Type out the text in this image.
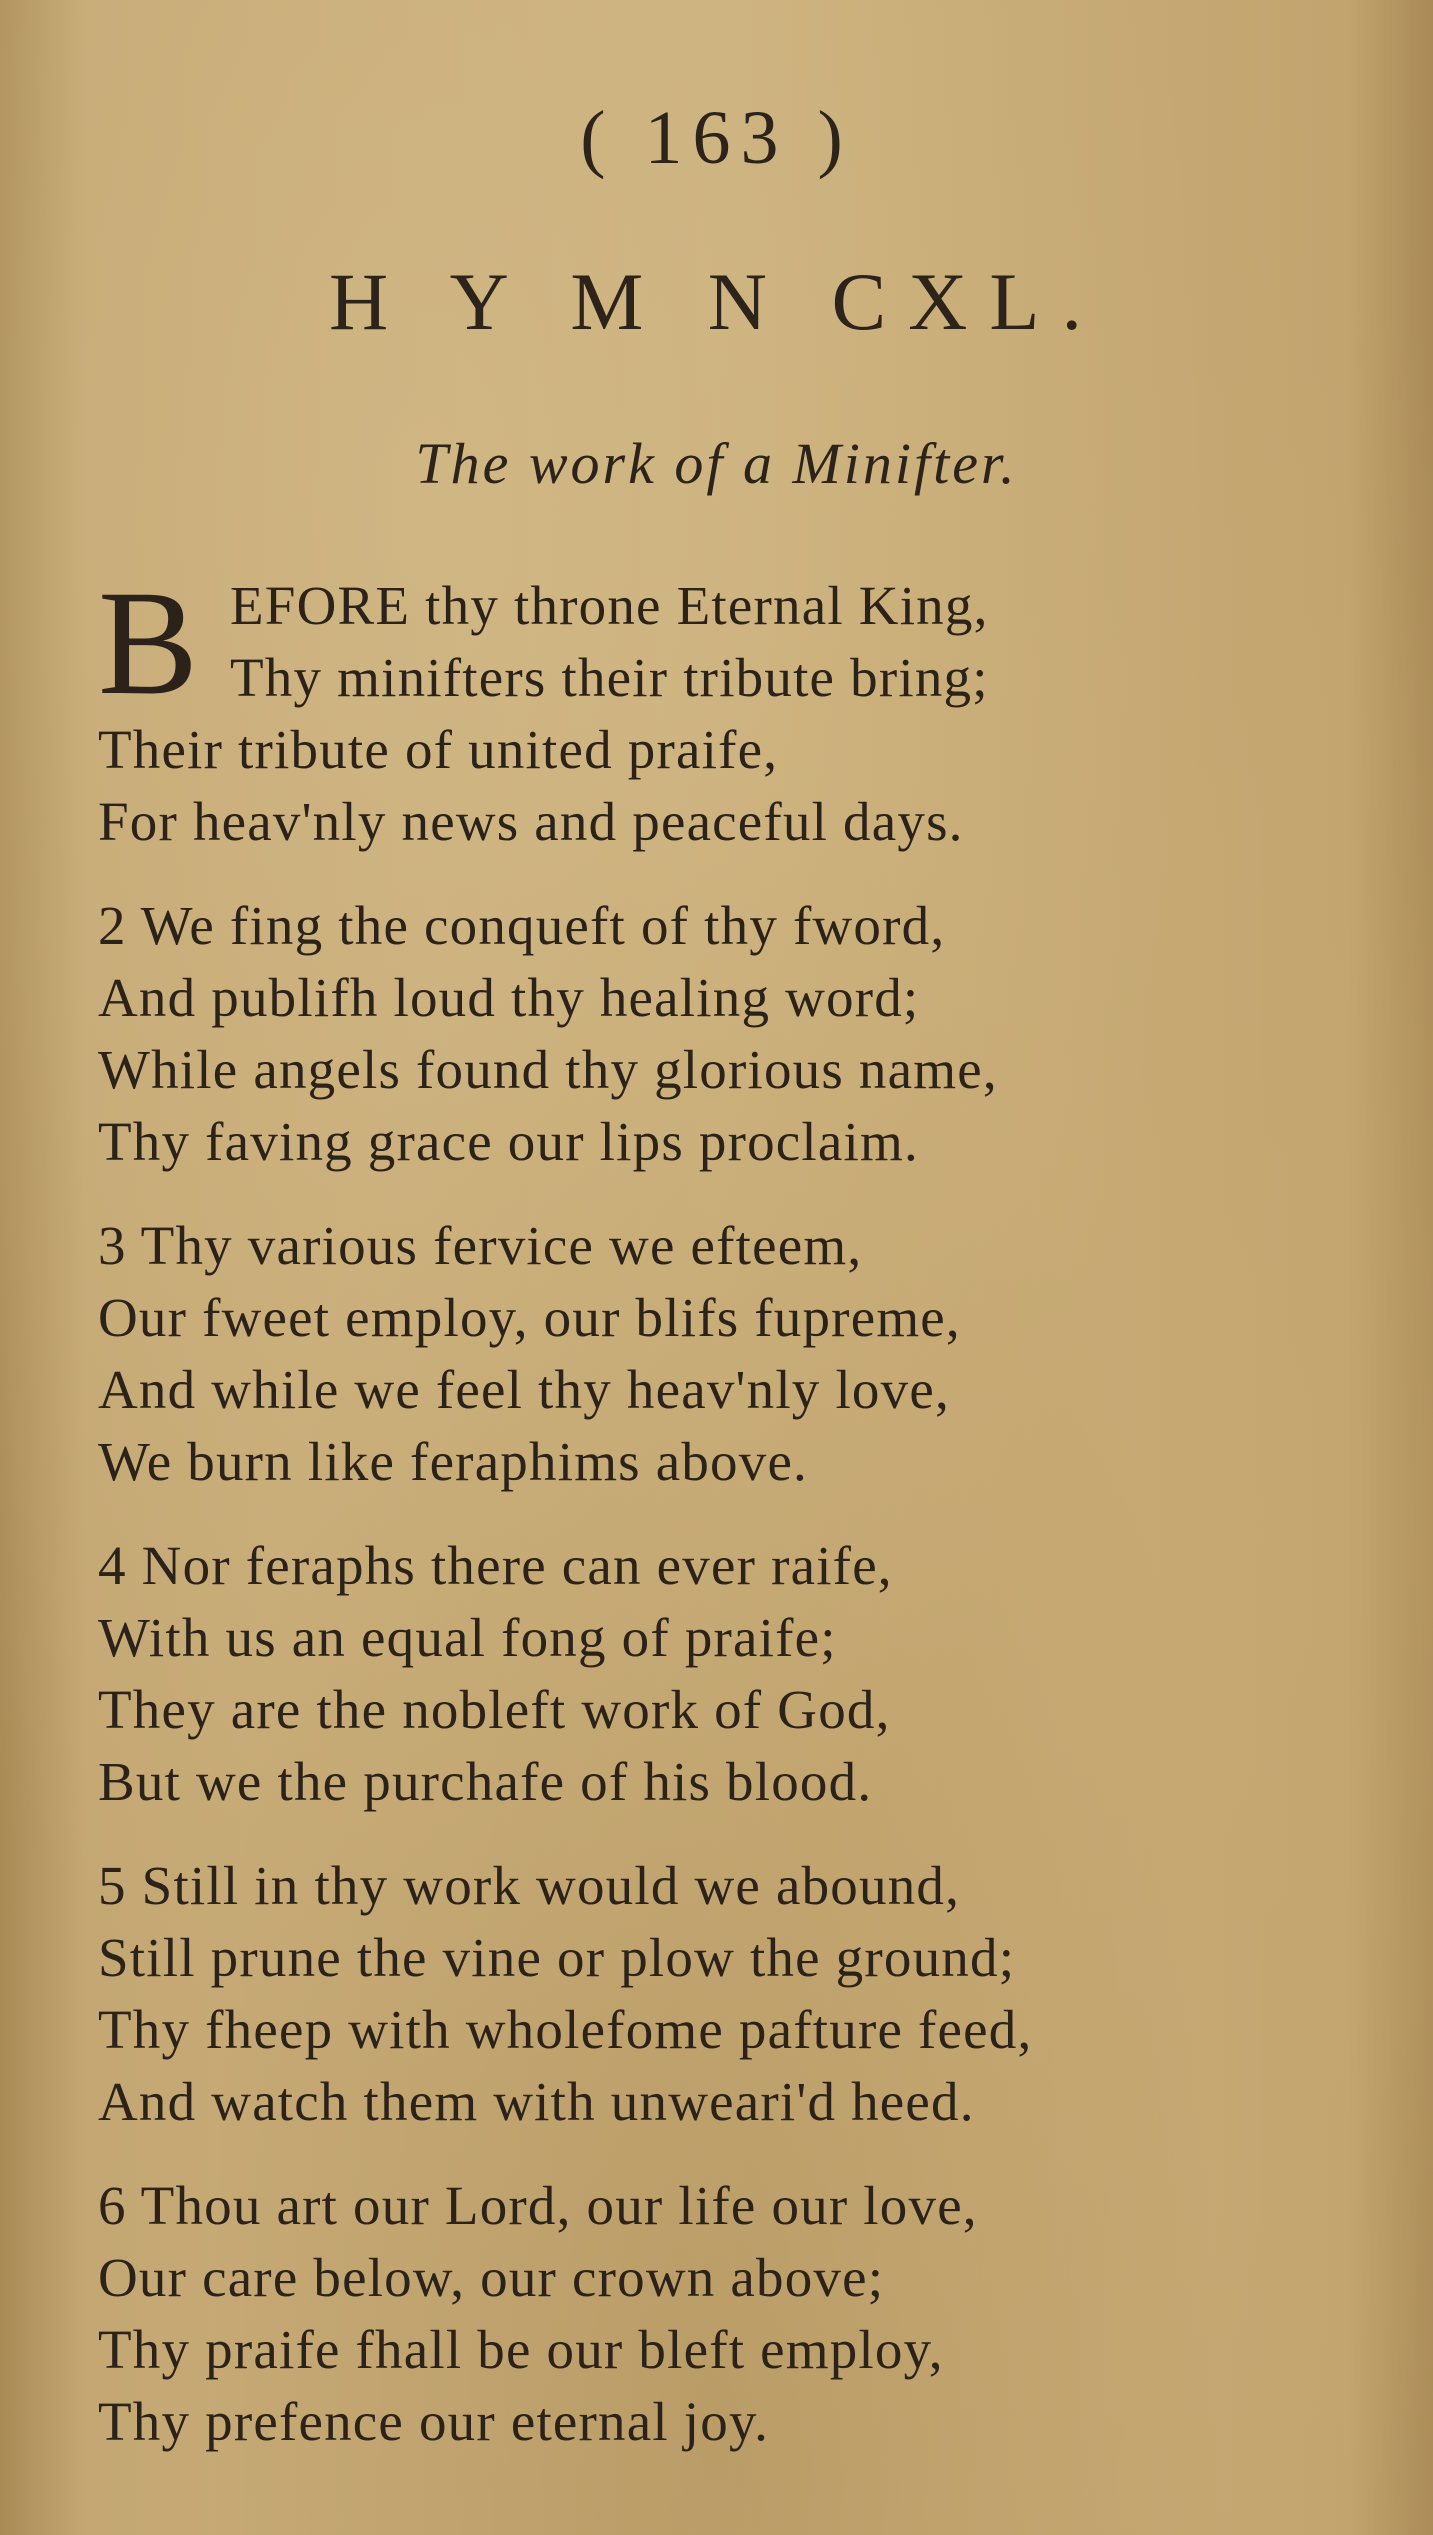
( 163 )
H Y M N CXL.
The work of a Minifter.
B EFORE thy throne Eternal King,
Thy minifters their tribute bring;
Their tribute of united praife,
For heav'nly news and peaceful days.
2 We fing the conqueft of thy fword,
And publifh loud thy healing word;
While angels found thy glorious name,
Thy faving grace our lips proclaim.
3 Thy various fervice we efteem,
Our fweet employ, our blifs fupreme,
And while we feel thy heav'nly love,
We burn like feraphims above.
4 Nor feraphs there can ever raife,
With us an equal fong of praife;
They are the nobleft work of God,
But we the purchafe of his blood.
5 Still in thy work would we abound,
Still prune the vine or plow the ground;
Thy fheep with wholefome pafture feed,
And watch them with unweari'd heed.
6 Thou art our Lord, our life our love,
Our care below, our crown above;
Thy praife fhall be our bleft employ,
Thy prefence our eternal joy.
